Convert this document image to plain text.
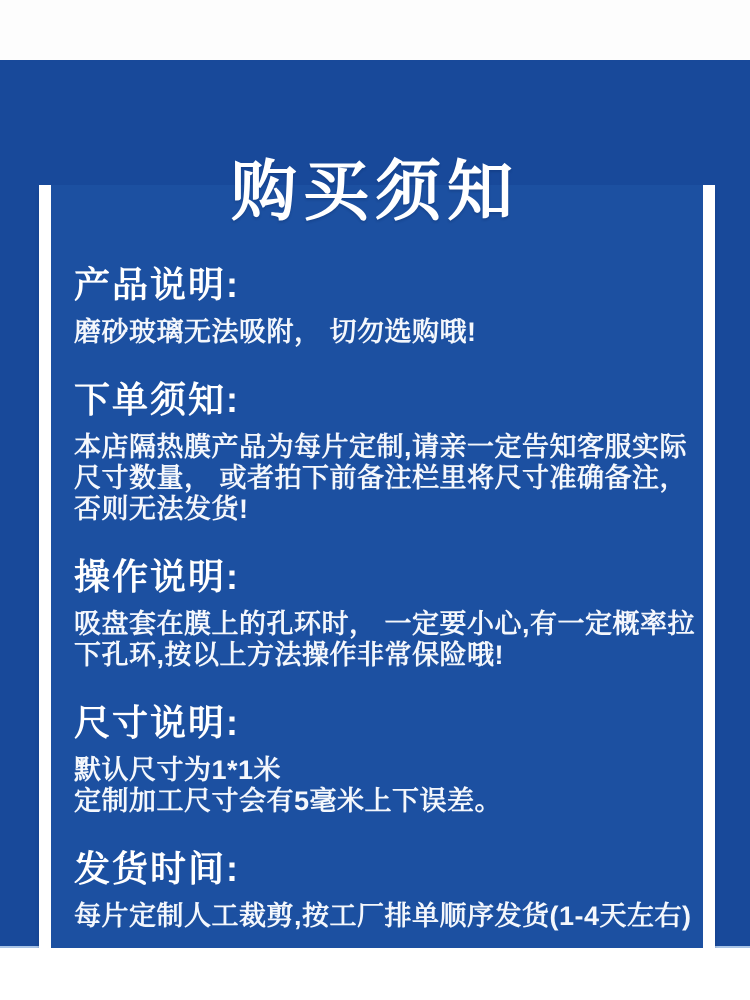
购买须知
产品说明:

磨砂玻璃无法吸附， 切勿选购哦!

下单须知:

本店隔热膜产品为每片定制,请亲一定告知客服实际

尺寸数量， 或者拍下前备注栏里将尺寸准确备注，

否则无法发货!

操作说明:

吸盘套在膜上的孔环时， 一定要小心,有一定概率拉

下孔环,按以上方法操作非常保险哦!

尺寸说明:

默认尺寸为1*1米

定制加工尺寸会有5毫米上下误差。

发货时间:

每片定制人工裁剪,按工厂排单顺序发货(1-4天左右)
